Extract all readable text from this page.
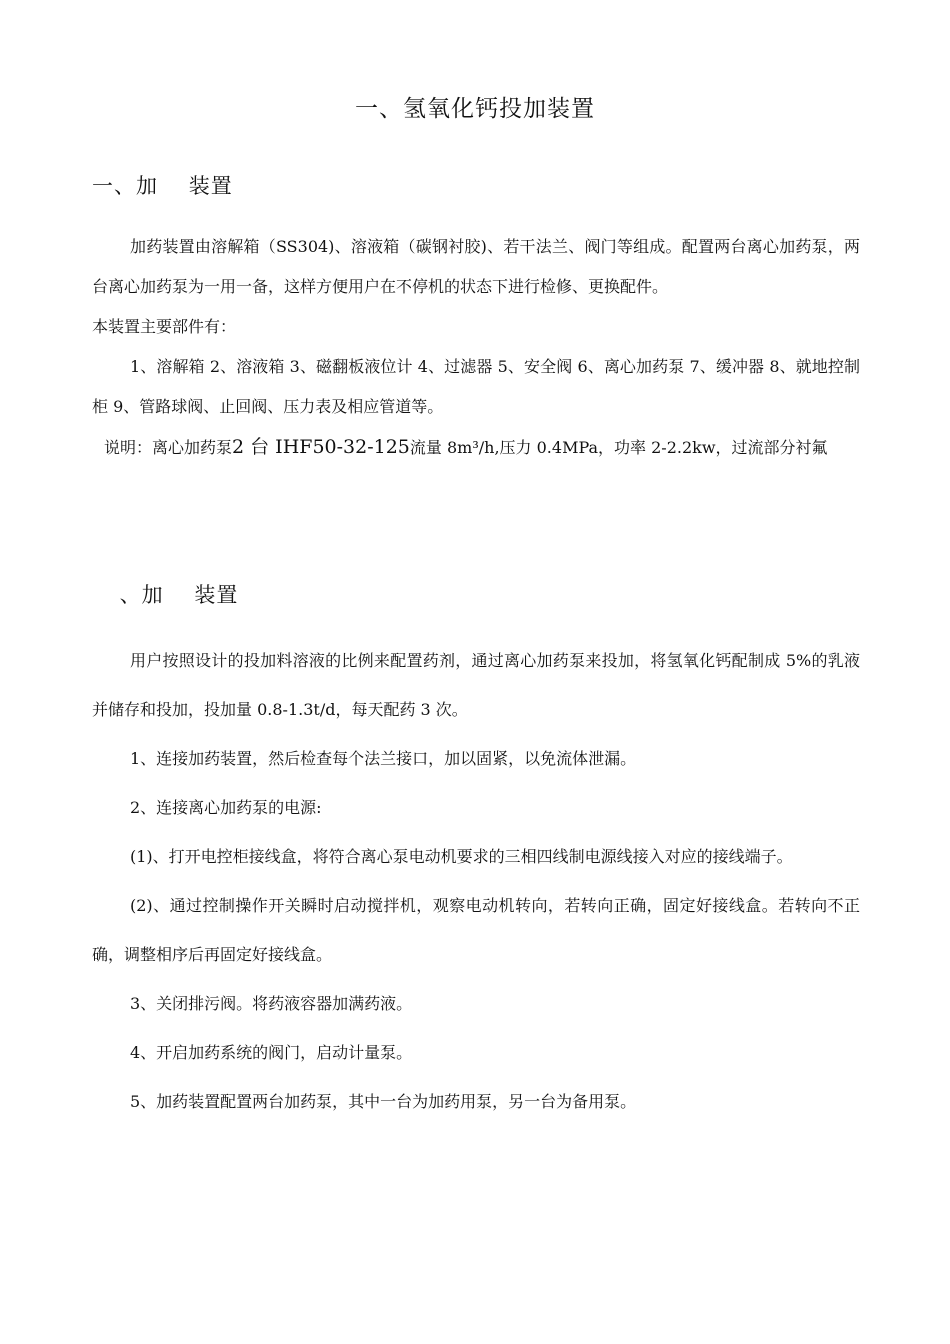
一、氢氧化钙投加装置
一、加    装置

加药装置由溶解箱（SS304)、溶液箱（碳钢衬胶)、若干法兰、阀门等组成。配置两台离心加药泵，两台离心加药泵为一用一备，这样方便用户在不停机的状态下进行检修、更换配件。

本装置主要部件有：

1、溶解箱 2、溶液箱 3、磁翻板液位计 4、过滤器 5、安全阀 6、离心加药泵 7、缓冲器 8、就地控制柜 9、管路球阀、止回阀、压力表及相应管道等。

说明：离心加药泵2 台 IHF50-32-125流量 8m³/h,压力 0.4MPa，功率 2-2.2kw，过流部分衬氟

、加    装置

用户按照设计的投加料溶液的比例来配置药剂，通过离心加药泵来投加，将氢氧化钙配制成 5%的乳液并储存和投加，投加量 0.8-1.3t/d，每天配药 3 次。

1、连接加药装置，然后检查每个法兰接口，加以固紧，以免流体泄漏。

2、连接离心加药泵的电源:

(1)、打开电控柜接线盒，将符合离心泵电动机要求的三相四线制电源线接入对应的接线端子。

(2)、通过控制操作开关瞬时启动搅拌机，观察电动机转向，若转向正确，固定好接线盒。若转向不正确，调整相序后再固定好接线盒。

3、关闭排污阀。将药液容器加满药液。

4、开启加药系统的阀门，启动计量泵。

5、加药装置配置两台加药泵，其中一台为加药用泵，另一台为备用泵。
